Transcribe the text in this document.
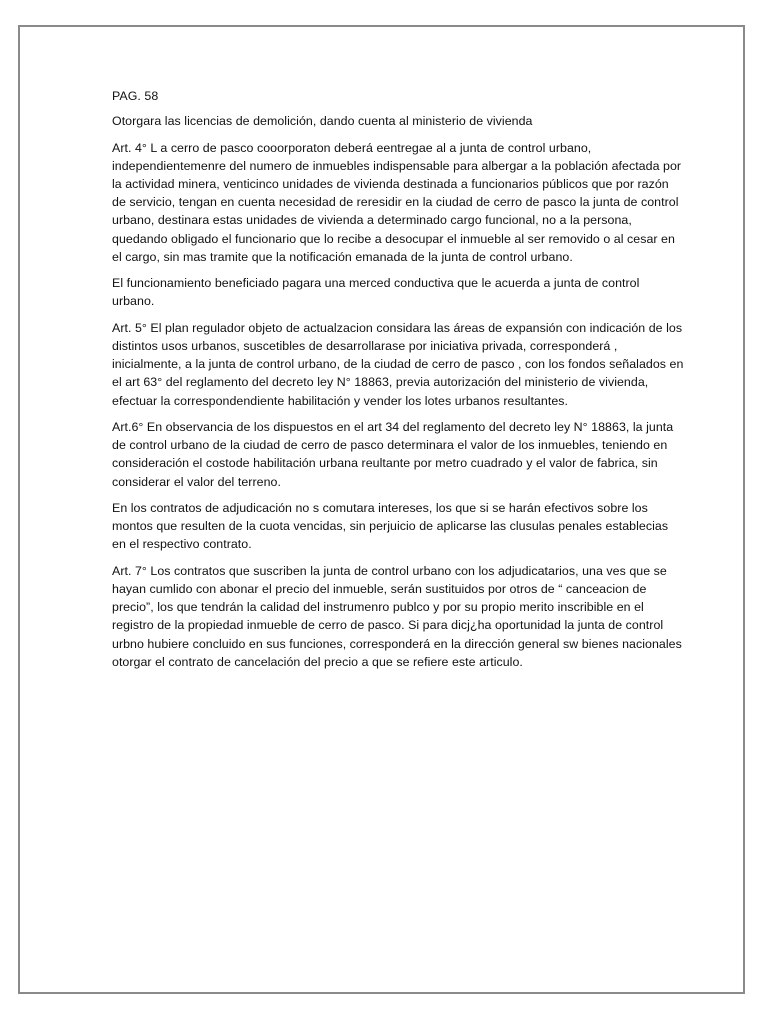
PAG. 58

Otorgara las licencias de demolición, dando cuenta al ministerio de vivienda

Art. 4° L a cerro de pasco cooorporaton deberá eentregae al a junta de control urbano, independientemenre del numero de inmuebles indispensable para albergar a la población afectada por la actividad minera, venticinco unidades de vivienda destinada a funcionarios públicos que por razón de servicio, tengan en cuenta necesidad de reresidir en la ciudad de cerro de pasco la junta de control urbano, destinara estas unidades de vivienda a determinado cargo funcional, no a la persona, quedando obligado el funcionario que lo recibe a desocupar el inmueble al ser removido o al cesar en el cargo, sin mas tramite que la notificación emanada de la junta de control urbano.

El funcionamiento beneficiado pagara una merced conductiva que le acuerda a junta de control urbano.

Art. 5° El plan regulador objeto de actualzacion considara las áreas de expansión con indicación de los distintos usos urbanos, suscetibles de desarrollarase por iniciativa privada, corresponderá , inicialmente, a la junta de control urbano, de la ciudad de cerro de pasco , con los fondos señalados en el art 63° del reglamento del decreto ley N° 18863, previa autorización del ministerio de vivienda, efectuar la correspondendiente habilitación y vender los lotes urbanos resultantes.

Art.6° En observancia de los dispuestos en el art 34 del reglamento del decreto ley N° 18863, la junta de control urbano de la ciudad de cerro de pasco determinara el valor de los inmuebles, teniendo en consideración el costode habilitación urbana reultante por metro cuadrado y el valor de fabrica, sin considerar el valor del terreno.

En los contratos de adjudicación no s comutara intereses, los que si se harán efectivos sobre los montos que resulten de la cuota vencidas, sin perjuicio de aplicarse las clusulas penales establecias en el respectivo contrato.

Art. 7° Los contratos que suscriben la junta de control urbano con los adjudicatarios, una ves que se hayan cumlido con abonar el precio del inmueble, serán sustituidos por otros de “ canceacion de precio”, los que tendrán la calidad del instrumenro publco y por su propio merito inscribible en el registro de la propiedad inmueble de cerro de pasco. Si para dicj¿ha oportunidad la junta de control urbno hubiere concluido en sus funciones, corresponderá en la dirección general sw bienes nacionales otorgar el contrato de cancelación del precio a que se refiere este articulo.
